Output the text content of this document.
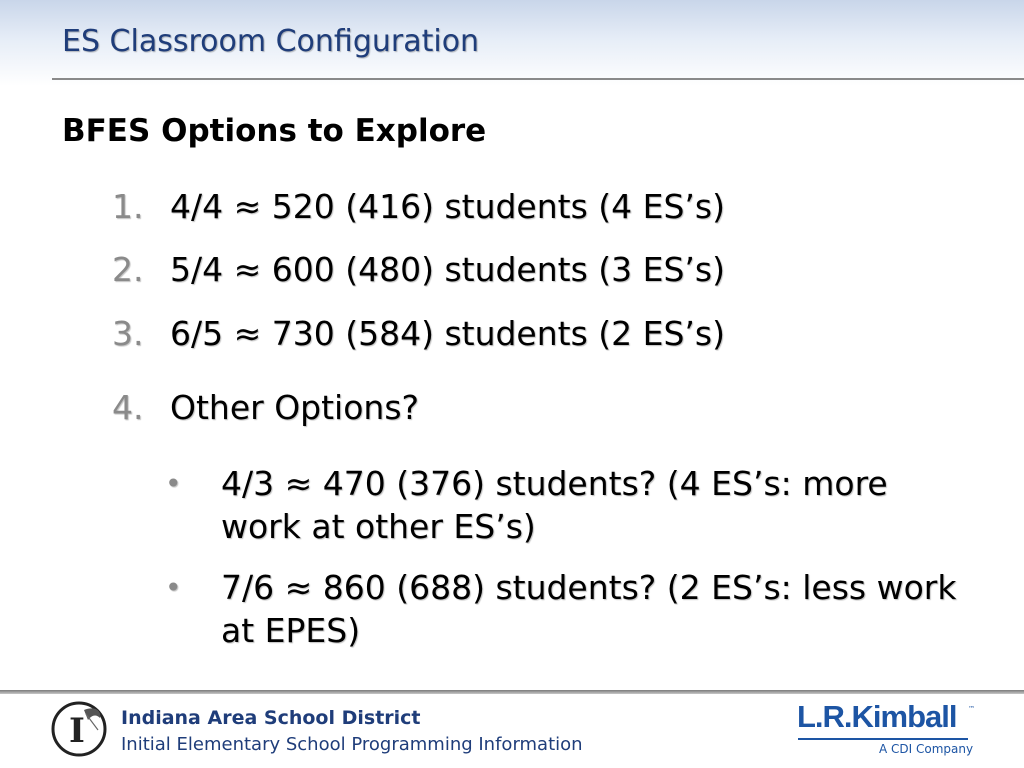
ES Classroom Configuration
BFES Options to Explore
1. 4/4 ≈ 520 (416) students (4 ES’s)
2. 5/4 ≈ 600 (480) students (3 ES’s)
3. 6/5 ≈ 730 (584) students (2 ES’s)
4. Other Options?
• 4/3 ≈ 470 (376) students? (4 ES’s: more work at other ES’s)
• 7/6 ≈ 860 (688) students? (2 ES’s: less work at EPES)
I Indiana Area School District
Initial Elementary School Programming Information
L.R.Kimball ™
A CDI Company
